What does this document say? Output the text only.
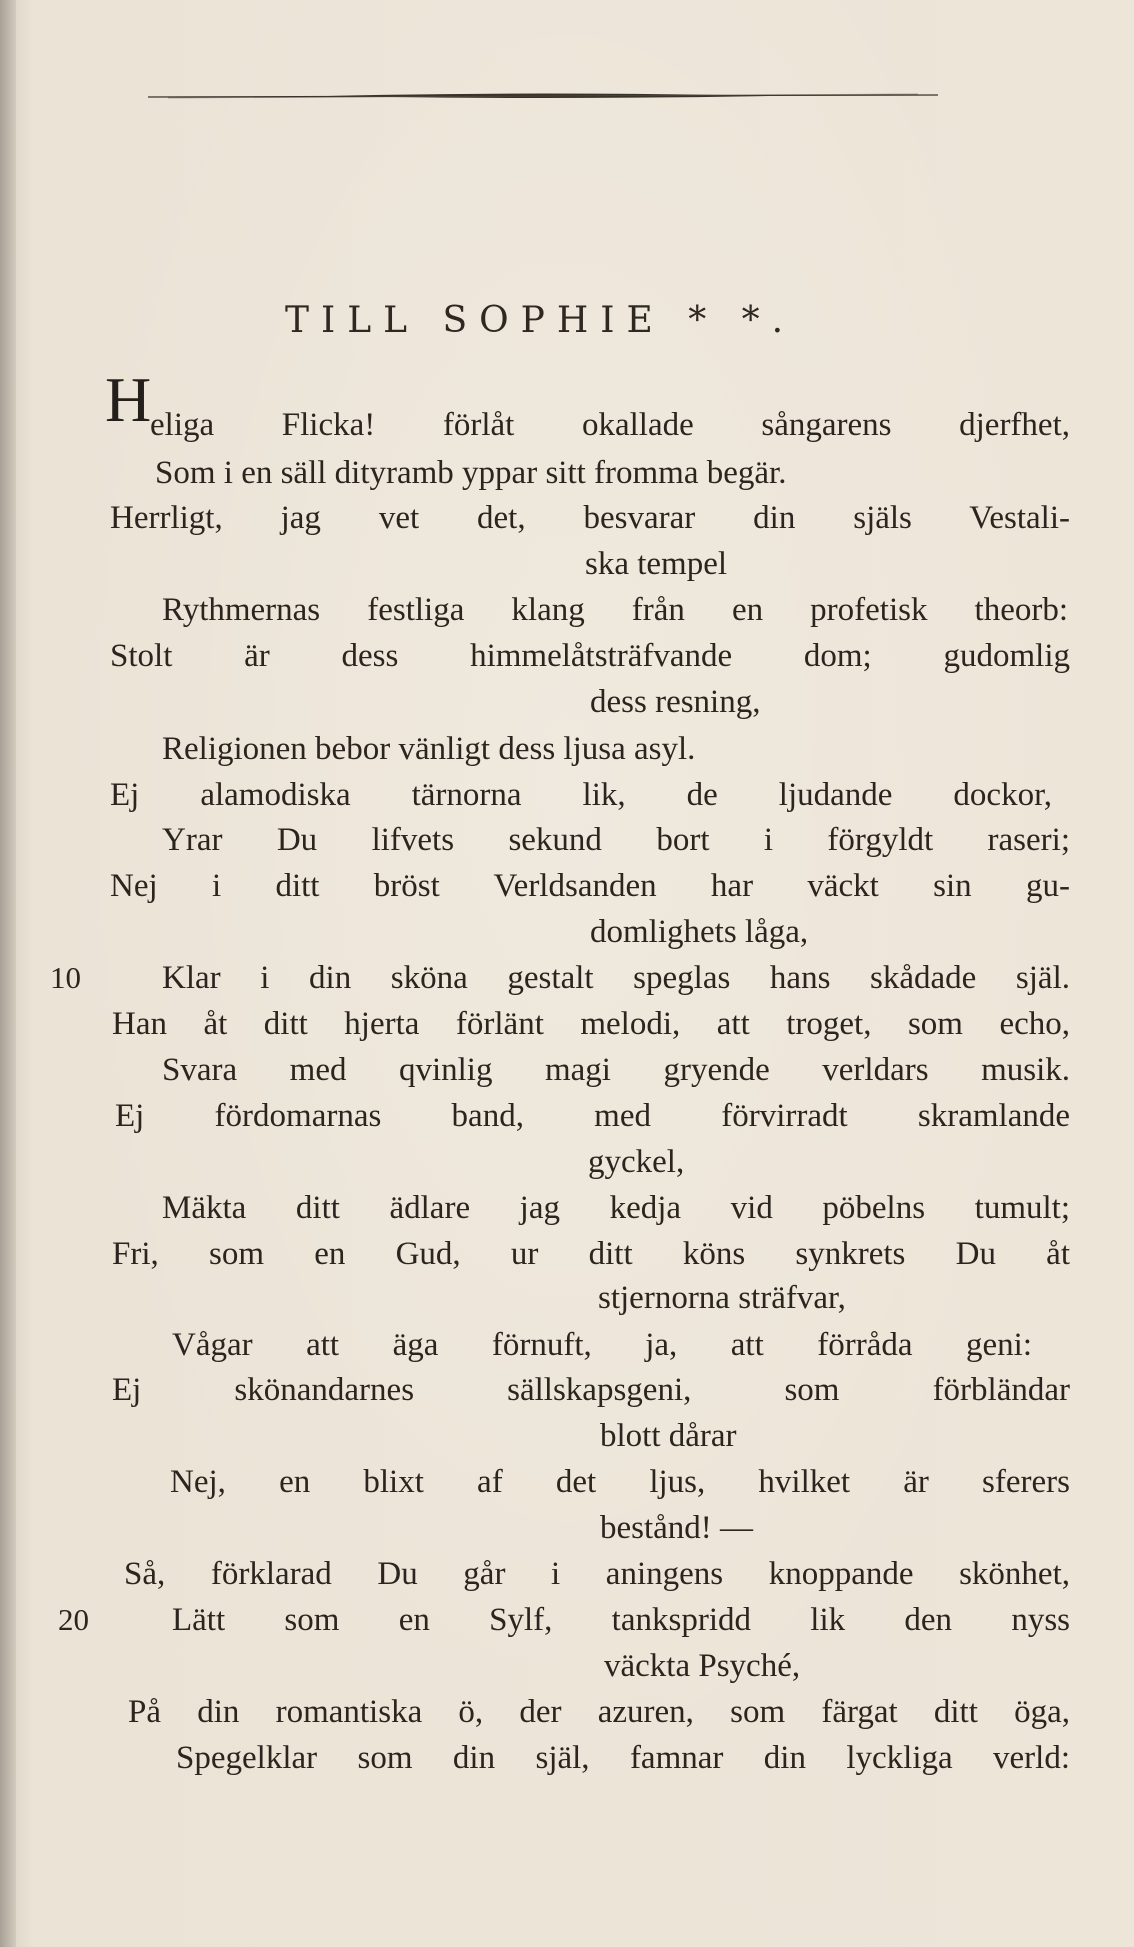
TILL SOPHIE * *.
H
eliga Flicka! förlåt okallade sångarens djerfhet,
Som i en säll dityramb yppar sitt fromma begär.
Herrligt, jag vet det, besvarar din själs Vestali-
ska tempel
Rythmernas festliga klang från en profetisk theorb:
Stolt är dess himmelåtsträfvande dom; gudomlig
dess resning,
Religionen bebor vänligt dess ljusa asyl.
Ej alamodiska tärnorna lik, de ljudande dockor,
Yrar Du lifvets sekund bort i förgyldt raseri;
Nej i ditt bröst Verldsanden har väckt sin gu-
domlighets låga,
10 Klar i din sköna gestalt speglas hans skådade själ.
Han åt ditt hjerta förlänt melodi, att troget, som echo,
Svara med qvinlig magi gryende verldars musik.
Ej fördomarnas band, med förvirradt skramlande
gyckel,
Mäkta ditt ädlare jag kedja vid pöbelns tumult;
Fri, som en Gud, ur ditt köns synkrets Du åt
stjernorna sträfvar,
Vågar att äga förnuft, ja, att förråda geni:
Ej skönandarnes sällskapsgeni, som förbländar
blott dårar
Nej, en blixt af det ljus, hvilket är sferers
bestånd! —
Så, förklarad Du går i aningens knoppande skönhet,
20	Lätt som en Sylf, tankspridd lik den nyss
väckta Psyché,
På din romantiska ö, der azuren, som färgat ditt öga,
Spegelklar som din själ, famnar din lyckliga verld:
